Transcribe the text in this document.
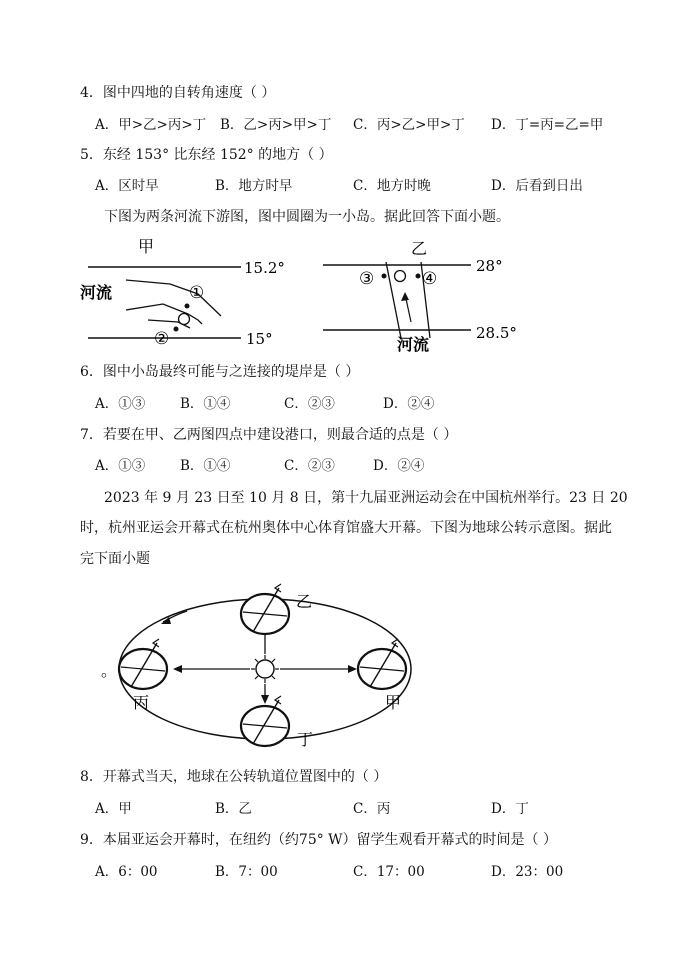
4．图中四地的自转角速度（ ）
A．甲>乙>丙>丁 B．乙>丙>甲>丁 C．丙>乙>甲>丁 D．丁=丙=乙=甲
5．东经 153° 比东经 152° 的地方（ ）
A．区时早	B．地方时早	C．地方时晚	D．后看到日出
下图为两条河流下游图，图中圆圈为一小岛。据此回答下面小题。
甲
15.2°
15°
河流	①
②
乙
28°
28.5°
③	④
河流
6．图中小岛最终可能与之连接的堤岸是（ ）
A．①③	B．①④	C．②③	D．②④
7．若要在甲、乙两图四点中建设港口，则最合适的点是（ ）
A．①③	B．①④	C．②③	D．②④
2023 年 9 月 23 日至 10 月 8 日，第十九届亚洲运动会在中国杭州举行。23 日 20
时，杭州亚运会开幕式在杭州奥体中心体育馆盛大开幕。下图为地球公转示意图。据此
完下面小题
乙
甲
丁
丙
。
8．开幕式当天，地球在公转轨道位置图中的（ ）
A．甲	B．乙	C．丙	D．丁
9．本届亚运会开幕时，在纽约（约75° W）留学生观看开幕式的时间是（ ）
A．6：00	B．7：00	C．17：00	D．23：00
